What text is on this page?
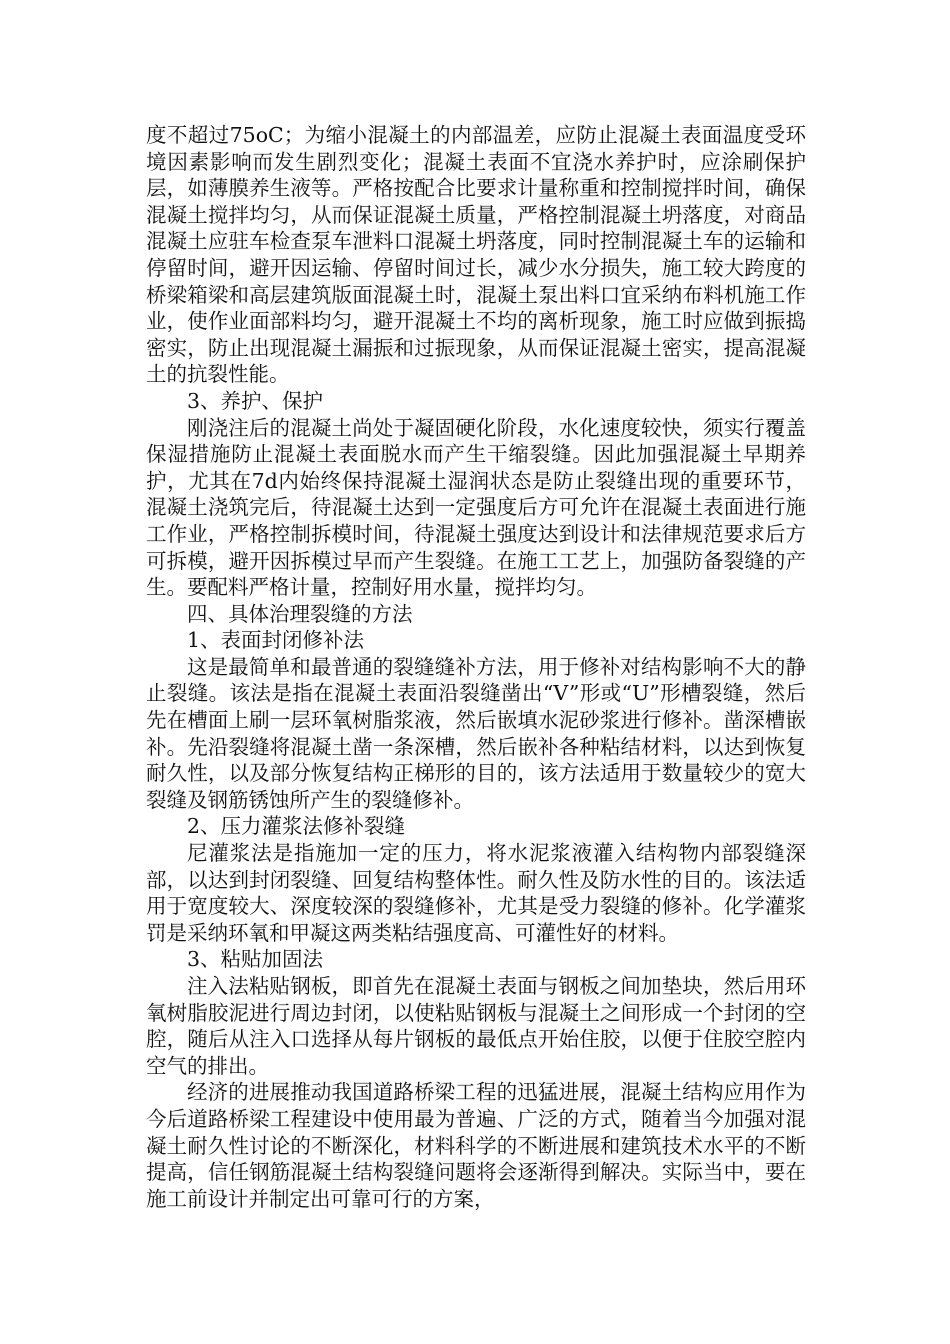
度不超过75oC；为缩小混凝土的内部温差，应防止混凝土表面温度受环境因素影响而发生剧烈变化；混凝土表面不宜浇水养护时，应涂刷保护层，如薄膜养生液等。严格按配合比要求计量称重和控制搅拌时间，确保混凝土搅拌均匀，从而保证混凝土质量，严格控制混凝土坍落度，对商品混凝土应驻车检查泵车泄料口混凝土坍落度，同时控制混凝土车的运输和停留时间，避开因运输、停留时间过长，减少水分损失，施工较大跨度的桥梁箱梁和高层建筑版面混凝土时，混凝土泵出料口宜采纳布料机施工作业，使作业面部料均匀，避开混凝土不均的离析现象，施工时应做到振捣密实，防止出现混凝土漏振和过振现象，从而保证混凝土密实，提高混凝土的抗裂性能。

3、养护、保护

刚浇注后的混凝土尚处于凝固硬化阶段，水化速度较快，须实行覆盖保湿措施防止混凝土表面脱水而产生干缩裂缝。因此加强混凝土早期养护，尤其在7d内始终保持混凝土湿润状态是防止裂缝出现的重要环节，混凝土浇筑完后，待混凝土达到一定强度后方可允许在混凝土表面进行施工作业，严格控制拆模时间，待混凝土强度达到设计和法律规范要求后方可拆模，避开因拆模过早而产生裂缝。在施工工艺上，加强防备裂缝的产生。要配料严格计量，控制好用水量，搅拌均匀。

四、具体治理裂缝的方法

1、表面封闭修补法

这是最简单和最普通的裂缝缝补方法，用于修补对结构影响不大的静止裂缝。该法是指在混凝土表面沿裂缝凿出“V”形或“U”形槽裂缝，然后先在槽面上刷一层环氧树脂浆液，然后嵌填水泥砂浆进行修补。凿深槽嵌补。先沿裂缝将混凝土凿一条深槽，然后嵌补各种粘结材料，以达到恢复耐久性，以及部分恢复结构正梯形的目的，该方法适用于数量较少的宽大裂缝及钢筋锈蚀所产生的裂缝修补。

2、压力灌浆法修补裂缝

尼灌浆法是指施加一定的压力，将水泥浆液灌入结构物内部裂缝深部，以达到封闭裂缝、回复结构整体性。耐久性及防水性的目的。该法适用于宽度较大、深度较深的裂缝修补，尤其是受力裂缝的修补。化学灌浆罚是采纳环氧和甲凝这两类粘结强度高、可灌性好的材料。

3、粘贴加固法

注入法粘贴钢板，即首先在混凝土表面与钢板之间加垫块，然后用环氧树脂胶泥进行周边封闭，以使粘贴钢板与混凝土之间形成一个封闭的空腔，随后从注入口选择从每片钢板的最低点开始住胶，以便于住胶空腔内空气的排出。

经济的进展推动我国道路桥梁工程的迅猛进展，混凝土结构应用作为今后道路桥梁工程建设中使用最为普遍、广泛的方式，随着当今加强对混凝土耐久性讨论的不断深化，材料科学的不断进展和建筑技术水平的不断提高，信任钢筋混凝土结构裂缝问题将会逐渐得到解决。实际当中，要在施工前设计并制定出可靠可行的方案，
